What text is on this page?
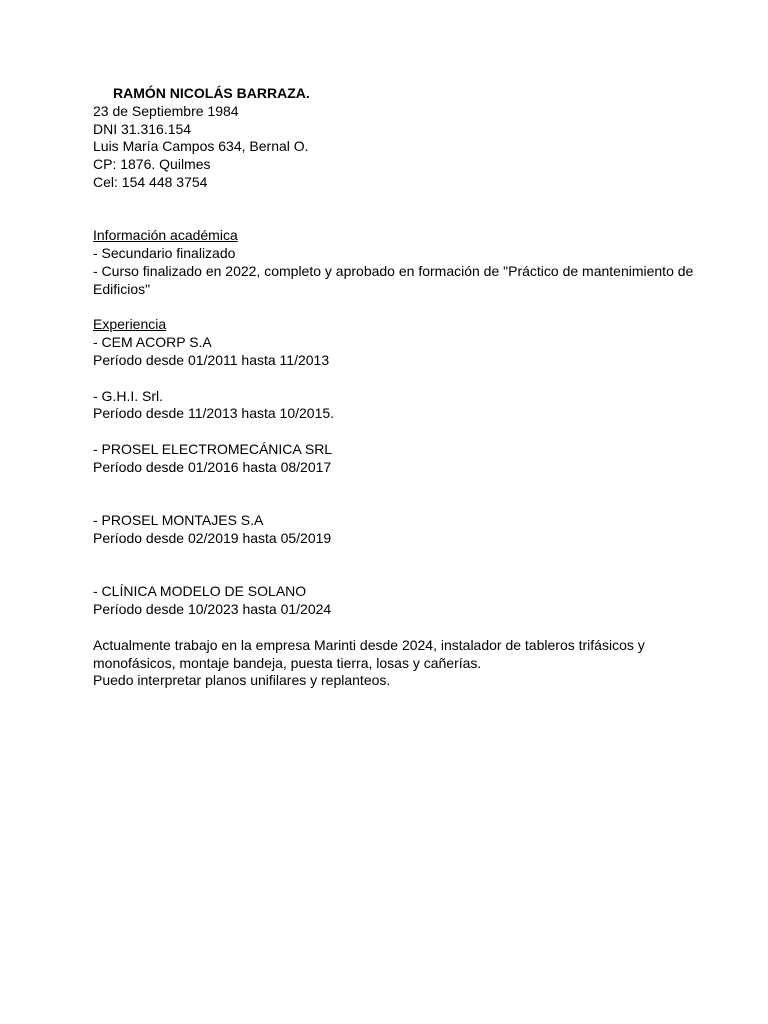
RAMÓN NICOLÁS BARRAZA.
23 de Septiembre 1984
DNI 31.316.154
Luis María Campos 634, Bernal O.
CP: 1876. Quilmes
Cel: 154 448 3754
Información académica
- Secundario finalizado
- Curso finalizado en 2022, completo y aprobado en formación de "Práctico de mantenimiento de Edificios"
Experiencia
- CEM ACORP S.A
Período desde 01/2011 hasta 11/2013
- G.H.I. Srl.
Período desde 11/2013 hasta 10/2015.
- PROSEL ELECTROMECÁNICA SRL
Período desde 01/2016 hasta 08/2017
- PROSEL MONTAJES S.A
Período desde 02/2019 hasta 05/2019
- CLÍNICA MODELO DE SOLANO
Período desde 10/2023 hasta 01/2024
Actualmente trabajo en la empresa Marinti desde 2024, instalador de tableros trifásicos y monofásicos, montaje bandeja, puesta tierra, losas y cañerías.
Puedo interpretar planos unifilares y replanteos.
